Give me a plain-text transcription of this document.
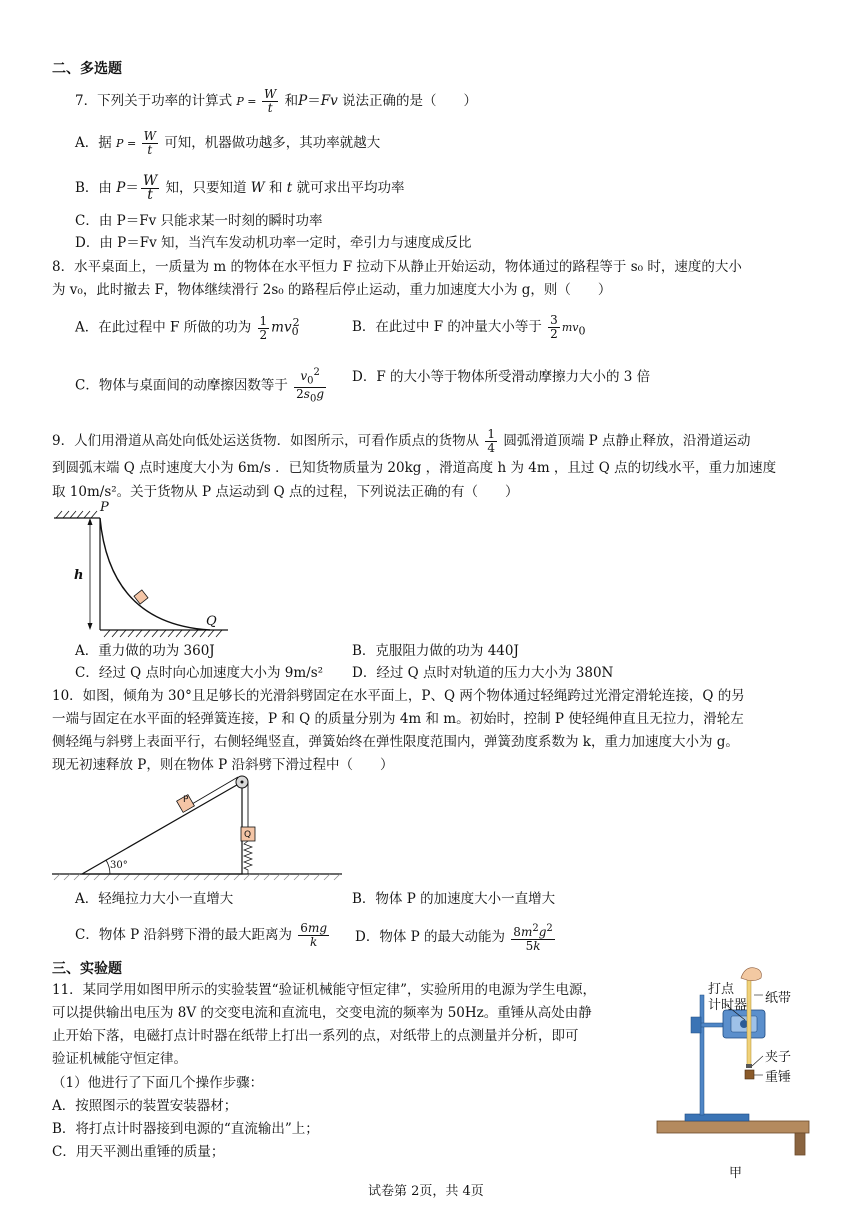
二、多选题
7．下列关于功率的计算式 $P = \frac{W}{t}$ 和P＝Fv 说法正确的是（　　）
A．据 $P = \frac{W}{t}$ 可知，机器做功越多，其功率就越大
B．由 $P= \frac{W}{t}$ 知，只要知道 W 和 t 就可求出平均功率
C．由 P＝Fv 只能求某一时刻的瞬时功率
D．由 P＝Fv 知，当汽车发动机功率一定时，牵引力与速度成反比
8．水平桌面上，一质量为 m 的物体在水平恒力 F 拉动下从静止开始运动，物体通过的路程等于 s₀ 时，速度的大小
为 v₀，此时撤去 F，物体继续滑行 2s₀ 的路程后停止运动，重力加速度大小为 g，则（　　）
A．在此过程中 F 所做的功为 $\frac{1}{2} mv_0^2$	B．在此过中 F 的冲量大小等于 $\frac{3}{2} mv_0$
C．物体与桌面间的动摩擦因数等于 $\frac{v_0^2}{2s_0g}$ D．F 的大小等于物体所受滑动摩擦力大小的 3 倍
9．人们用滑道从高处向低处运送货物．如图所示，可看作质点的货物从 $\frac{1}{4}$ 圆弧滑道顶端 P 点静止释放，沿滑道运动
到圆弧末端 Q 点时速度大小为 6m/s ．已知货物质量为 20kg ，滑道高度 h 为 4m ，且过 Q 点的切线水平，重力加速度
取 10m/s²。关于货物从 P 点运动到 Q 点的过程，下列说法正确的有（　　）
P
Q
h
A．重力做的功为 360J	B．克服阻力做的功为 440J
C．经过 Q 点时向心加速度大小为 9m/s² D．经过 Q 点时对轨道的压力大小为 380N
10．如图，倾角为 30°且足够长的光滑斜劈固定在水平面上，P、Q 两个物体通过轻绳跨过光滑定滑轮连接，Q 的另
一端与固定在水平面的轻弹簧连接，P 和 Q 的质量分别为 4m 和 m。初始时，控制 P 使轻绳伸直且无拉力，滑轮左
侧轻绳与斜劈上表面平行，右侧轻绳竖直，弹簧始终在弹性限度范围内，弹簧劲度系数为 k，重力加速度大小为 g。
现无初速释放 P，则在物体 P 沿斜劈下滑过程中（　　）
P
Q
30°
A．轻绳拉力大小一直增大	B．物体 P 的加速度大小一直增大
C．物体 P 沿斜劈下滑的最大距离为 $\frac{6mg}{k}$ D．物体 P 的最大动能为 $\frac{8m^2g^2}{5k}$
三、实验题
11．某同学用如图甲所示的实验装置“验证机械能守恒定律”，实验所用的电源为学生电源，
可以提供输出电压为 8V 的交变电流和直流电，交变电流的频率为 50Hz。重锤从高处由静
止开始下落，电磁打点计时器在纸带上打出一系列的点，对纸带上的点测量并分析，即可
验证机械能守恒定律。
（1）他进行了下面几个操作步骤：
A．按照图示的装置安装器材；
B．将打点计时器接到电源的“直流输出”上；
C．用天平测出重锤的质量；
打点
计时器 纸带
夹子
重锤
甲
试卷第 2页，共 4页
